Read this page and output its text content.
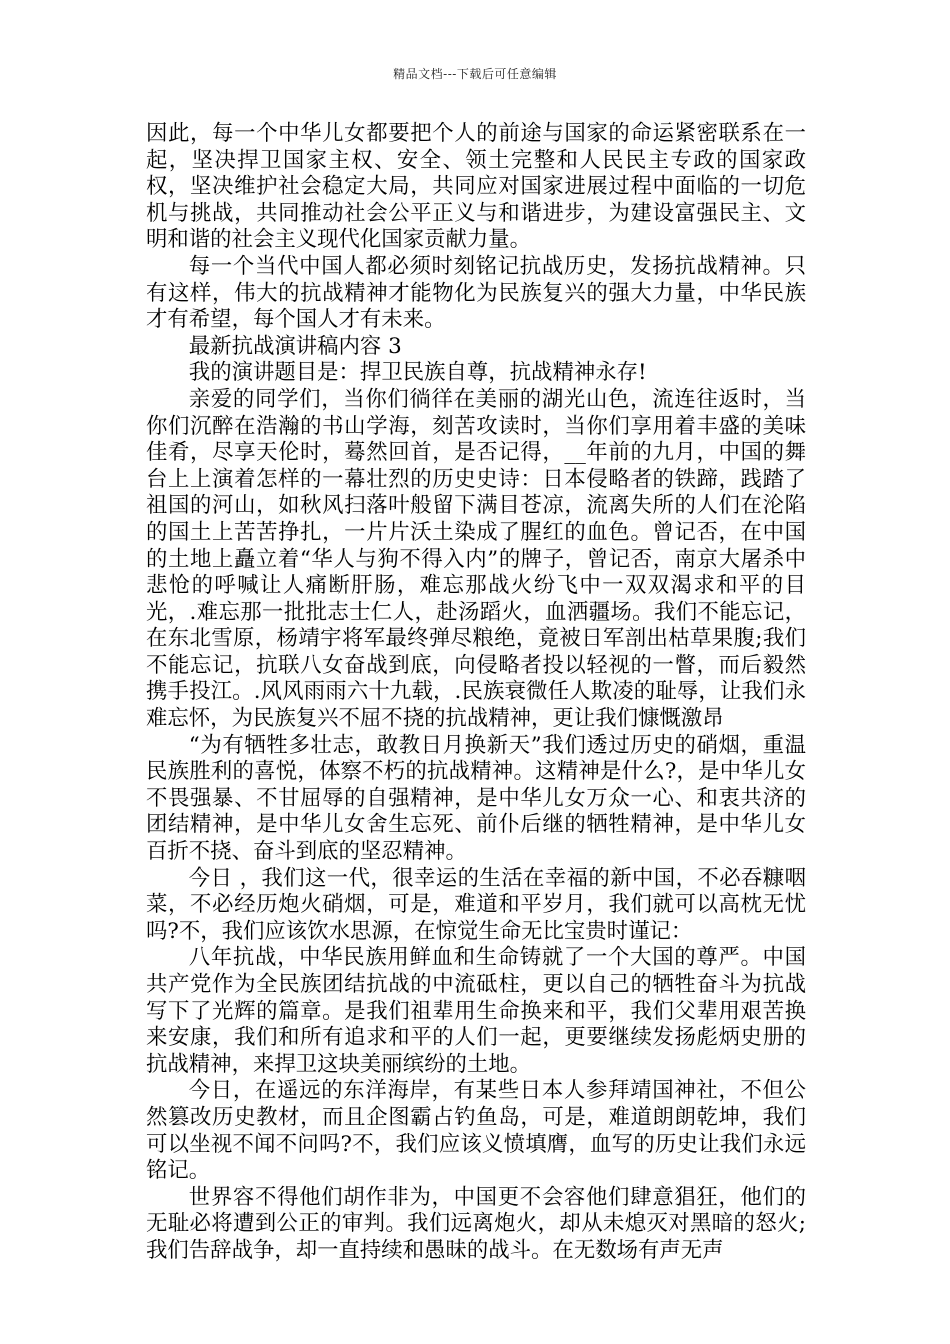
精品文档---下载后可任意编辑

因此，每一个中华儿女都要把个人的前途与国家的命运紧密联系在一起，坚决捍卫国家主权、安全、领土完整和人民民主专政的国家政权，坚决维护社会稳定大局，共同应对国家进展过程中面临的一切危机与挑战，共同推动社会公平正义与和谐进步，为建设富强民主、文明和谐的社会主义现代化国家贡献力量。

每一个当代中国人都必须时刻铭记抗战历史，发扬抗战精神。只有这样，伟大的抗战精神才能物化为民族复兴的强大力量，中华民族才有希望，每个国人才有未来。

最新抗战演讲稿内容 3

我的演讲题目是：捍卫民族自尊，抗战精神永存!

亲爱的同学们，当你们徜徉在美丽的湖光山色，流连往返时，当你们沉醉在浩瀚的书山学海，刻苦攻读时，当你们享用着丰盛的美味佳肴，尽享天伦时，蓦然回首，是否记得，__年前的九月，中国的舞台上上演着怎样的一幕壮烈的历史史诗：日本侵略者的铁蹄，践踏了祖国的河山，如秋风扫落叶般留下满目苍凉，流离失所的人们在沦陷的国土上苦苦挣扎，一片片沃土染成了腥红的血色。曾记否，在中国的土地上矗立着“华人与狗不得入内”的牌子，曾记否，南京大屠杀中悲怆的呼喊让人痛断肝肠，难忘那战火纷飞中一双双渴求和平的目光，.难忘那一批批志士仁人，赴汤蹈火，血洒疆场。我们不能忘记，在东北雪原，杨靖宇将军最终弹尽粮绝，竟被日军剖出枯草果腹;我们不能忘记，抗联八女奋战到底，向侵略者投以轻视的一瞥，而后毅然携手投江。.风风雨雨六十九载，.民族衰微任人欺凌的耻辱，让我们永难忘怀，为民族复兴不屈不挠的抗战精神，更让我们慷慨激昂

“为有牺牲多壮志，敢教日月换新天”我们透过历史的硝烟，重温民族胜利的喜悦，体察不朽的抗战精神。这精神是什么?，是中华儿女不畏强暴、不甘屈辱的自强精神，是中华儿女万众一心、和衷共济的团结精神，是中华儿女舍生忘死、前仆后继的牺牲精神，是中华儿女百折不挠、奋斗到底的坚忍精神。

今日 ，我们这一代，很幸运的生活在幸福的新中国，不必吞糠咽菜，不必经历炮火硝烟，可是，难道和平岁月，我们就可以高枕无忧吗?不，我们应该饮水思源，在惊觉生命无比宝贵时谨记：

八年抗战，中华民族用鲜血和生命铸就了一个大国的尊严。中国共产党作为全民族团结抗战的中流砥柱，更以自己的牺牲奋斗为抗战写下了光辉的篇章。是我们祖辈用生命换来和平，我们父辈用艰苦换来安康，我们和所有追求和平的人们一起，更要继续发扬彪炳史册的抗战精神，来捍卫这块美丽缤纷的土地。

今日，在遥远的东洋海岸，有某些日本人参拜靖国神社，不但公然篡改历史教材，而且企图霸占钓鱼岛，可是，难道朗朗乾坤，我们可以坐视不闻不问吗?不，我们应该义愤填膺，血写的历史让我们永远铭记。

世界容不得他们胡作非为，中国更不会容他们肆意猖狂，他们的无耻必将遭到公正的审判。我们远离炮火，却从未熄灭对黑暗的怒火;我们告辞战争，却一直持续和愚昧的战斗。在无数场有声无声
